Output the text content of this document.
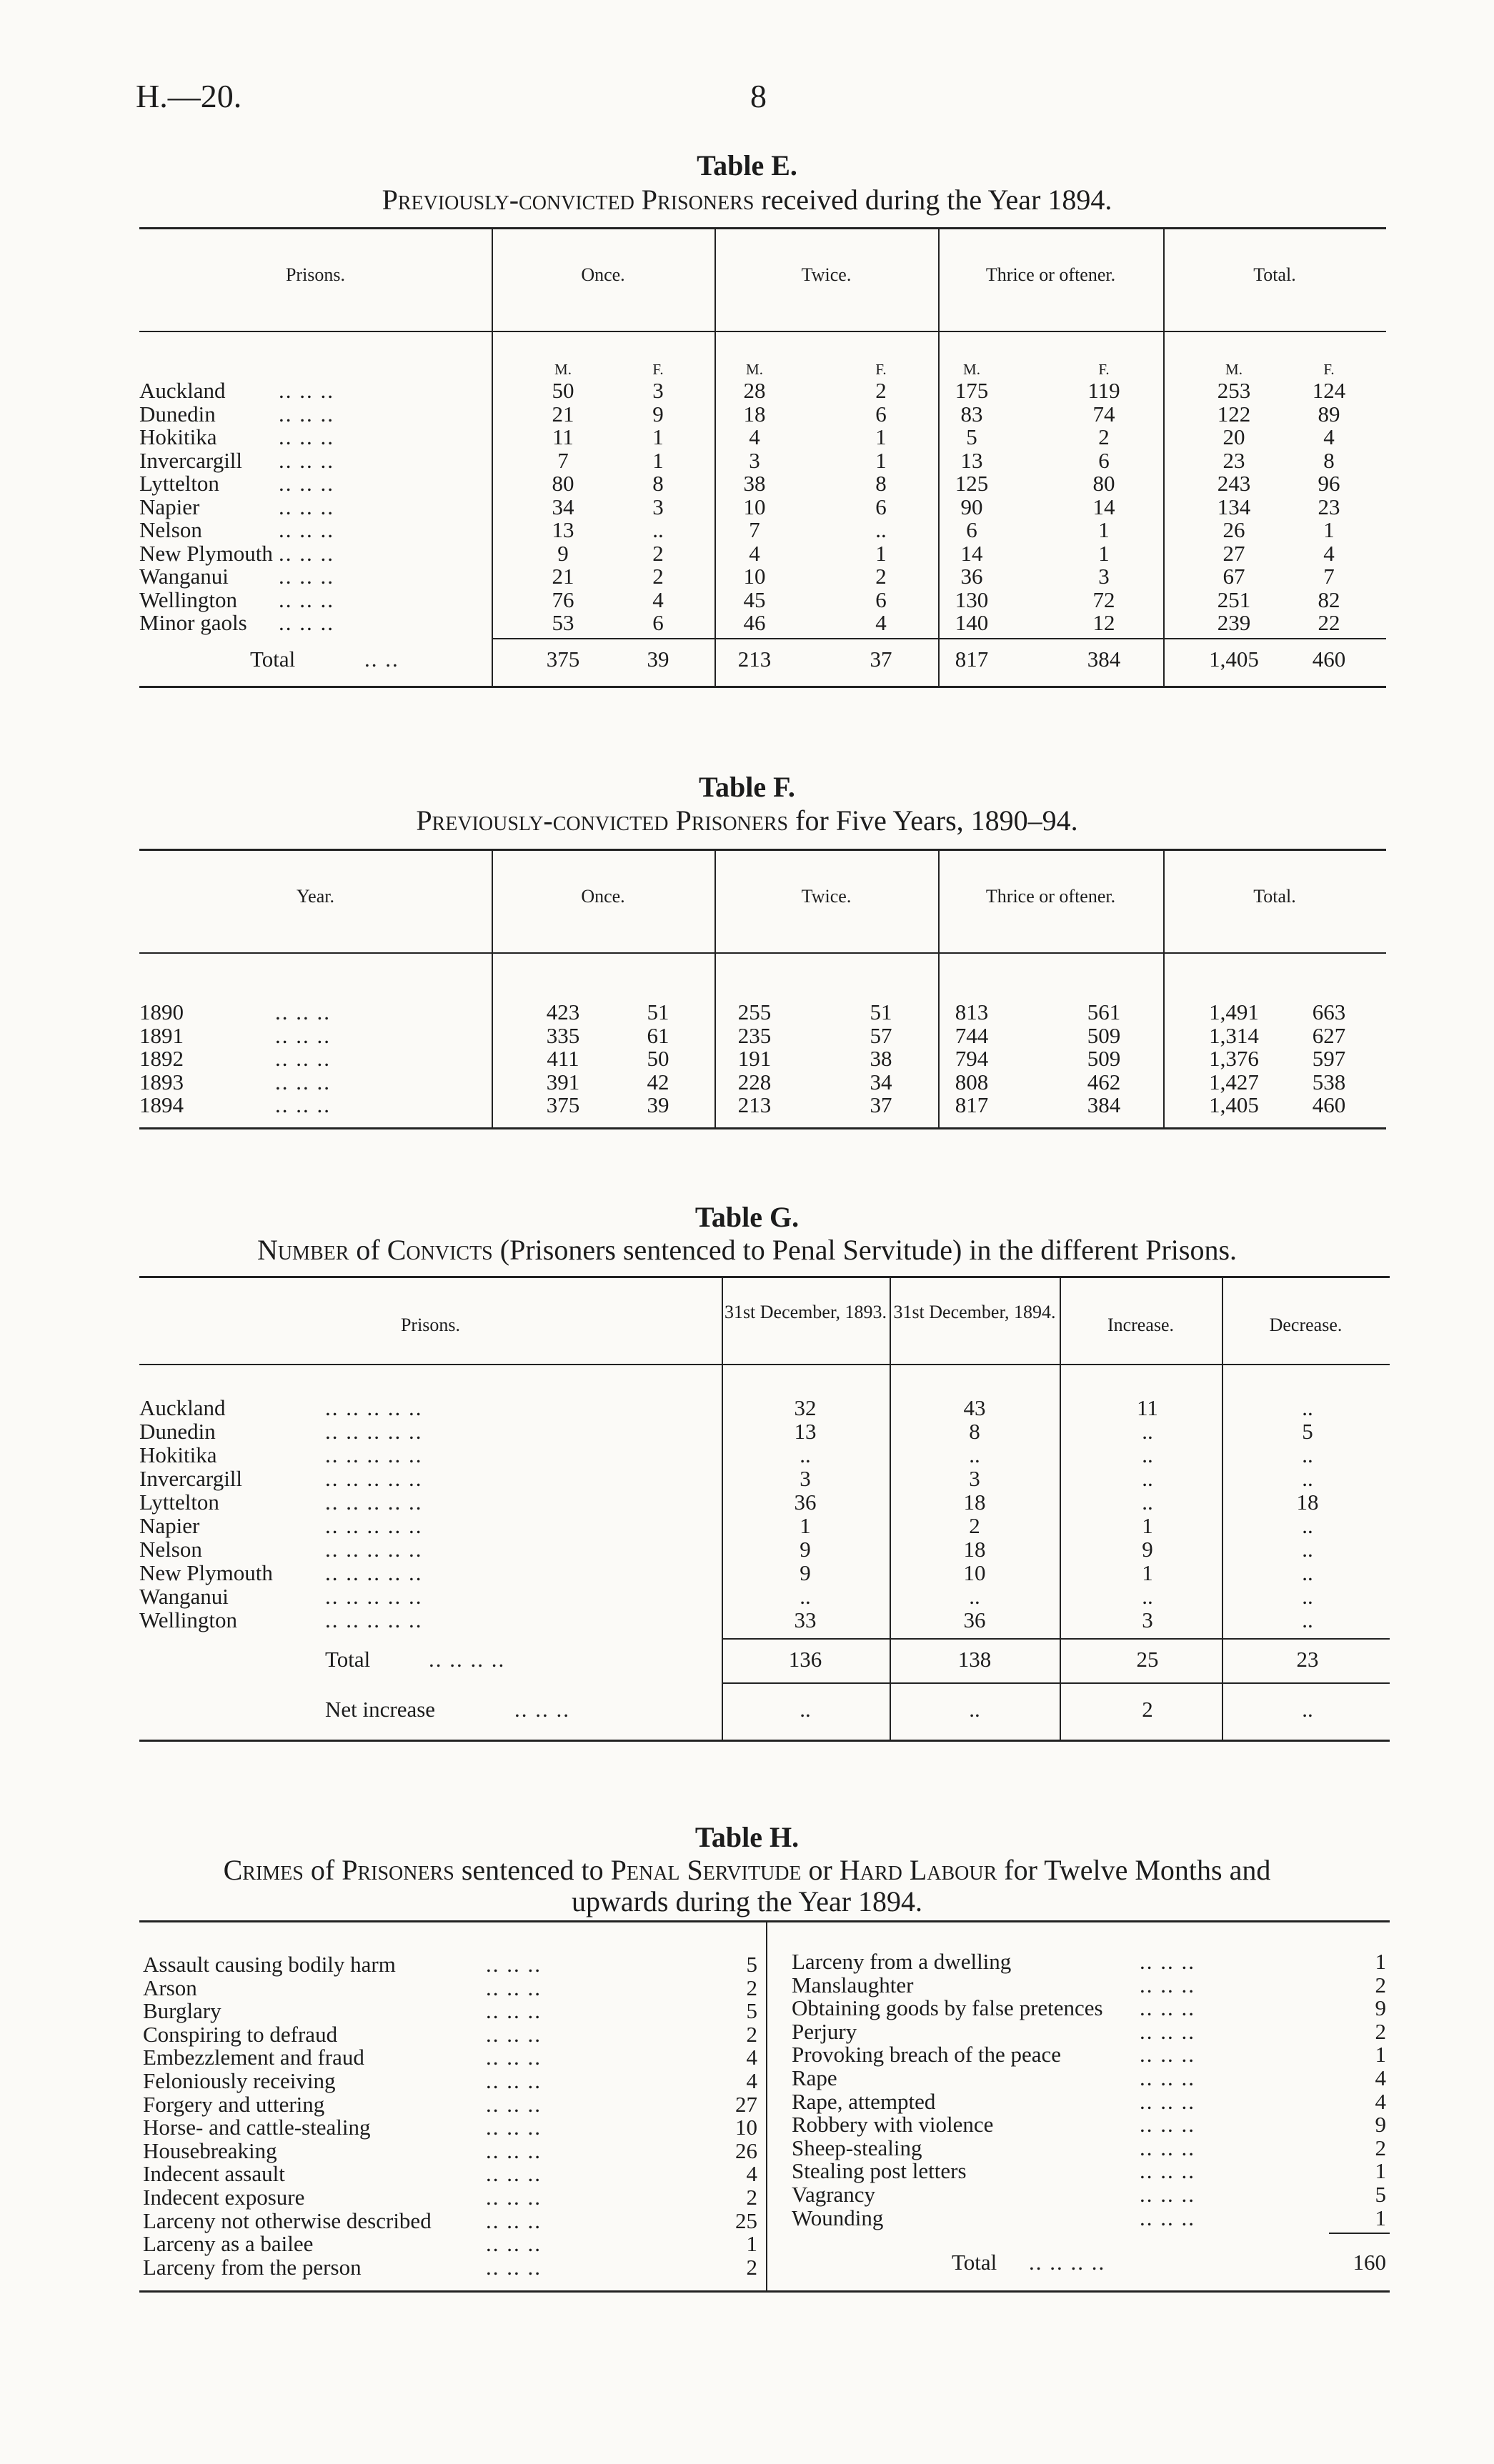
H.—20.	8
Table E.
Previously-convicted Prisoners received during the Year 1894.
Prisons.	Once.	Twice.	Thrice or oftener.	Total.
M.	F.	M.	F.	M.	F.	M.	F.
Auckland .. .. ..	50	3	28	2	175	119	253	124
Dunedin	.. .. ..	21	9	18	6	83	74	122	89
Hokitika	.. .. ..	11	1	4	1	5	2	20	4
Invercargill .. .. ..	7	1	3	1	13	6	23	8
Lyttelton	.. .. ..	80	8	38	8	125	80	243	96
Napier	.. .. ..	34	3	10	6	90	14	134	23
Nelson	.. .. ..	13	..	7	..	6	1	26	1
New Plymouth .. .. ..	9	2	4	1	14	1	27	4
Wanganui .. .. ..	21	2	10	2	36	3	67	7
Wellington .. .. ..	76	4	45	6	130	72	251	82
Minor gaols .. .. ..	53	6	46	4	140	12	239	22
Total	.. ..	375	39	213	37	817	384	1,405	460
Table F.
Previously-convicted Prisoners for Five Years, 1890–94.
Year.	Once.	Twice.	Thrice or oftener.	Total.
1890	.. .. ..	423	51	255	51	813	561	1,491	663
1891	.. .. ..	335	61	235	57	744	509	1,314	627
1892	.. .. ..	411	50	191	38	794	509	1,376	597
1893	.. .. ..	391	42	228	34	808	462	1,427	538
1894	.. .. ..	375	39	213	37	817	384	1,405	460
Table G.
Number of Convicts (Prisoners sentenced to Penal Servitude) in the different Prisons.
Prisons.
31st December, 1893. 31st December, 1894.
Increase.	Decrease.
Auckland	.. .. .. .. ..	32	43	11	..
Dunedin	.. .. .. .. ..	13	8	..	5
Hokitika	.. .. .. .. ..	..	..	..	..
Invercargill	.. .. .. .. ..	3	3	..	..
Lyttelton	.. .. .. .. ..	36	18	..	18
Napier	.. .. .. .. ..	1	2	1	..
Nelson	.. .. .. .. ..	9	18	9	..
New Plymouth .. .. .. .. ..	9	10	1	..
Wanganui	.. .. .. .. ..	..	..	..	..
Wellington	.. .. .. .. ..	33	36	3	..
Total	.. .. .. ..	136	138	25	23
Net increase	.. .. ..	..	..	2	..
Table H.
Crimes of Prisoners sentenced to Penal Servitude or Hard Labour for Twelve Months and
upwards during the Year 1894.
Assault causing bodily harm	.. .. ..	5
Arson	.. .. ..	2
Burglary	.. .. ..	5
Conspiring to defraud	.. .. ..	2
Embezzlement and fraud	.. .. ..	4
Feloniously receiving	.. .. ..	4
Forgery and uttering	.. .. ..	27
Horse- and cattle-stealing	.. .. ..	10
Housebreaking	.. .. ..	26
Indecent assault	.. .. ..	4
Indecent exposure	.. .. ..	2
Larceny not otherwise described .. .. ..	25
Larceny as a bailee	.. .. ..	1
Larceny from the person	.. .. ..	2
Larceny from a dwelling	.. .. ..	1
Manslaughter	.. .. ..	2
Obtaining goods by false pretences .. .. ..	9
Perjury	.. .. ..	2
Provoking breach of the peace	.. .. ..	1
Rape	.. .. ..	4
Rape, attempted	.. .. ..	4
Robbery with violence	.. .. ..	9
Sheep-stealing	.. .. ..	2
Stealing post letters	.. .. ..	1
Vagrancy	.. .. ..	5
Wounding	.. .. ..	1
Total .. .. .. ..	160
